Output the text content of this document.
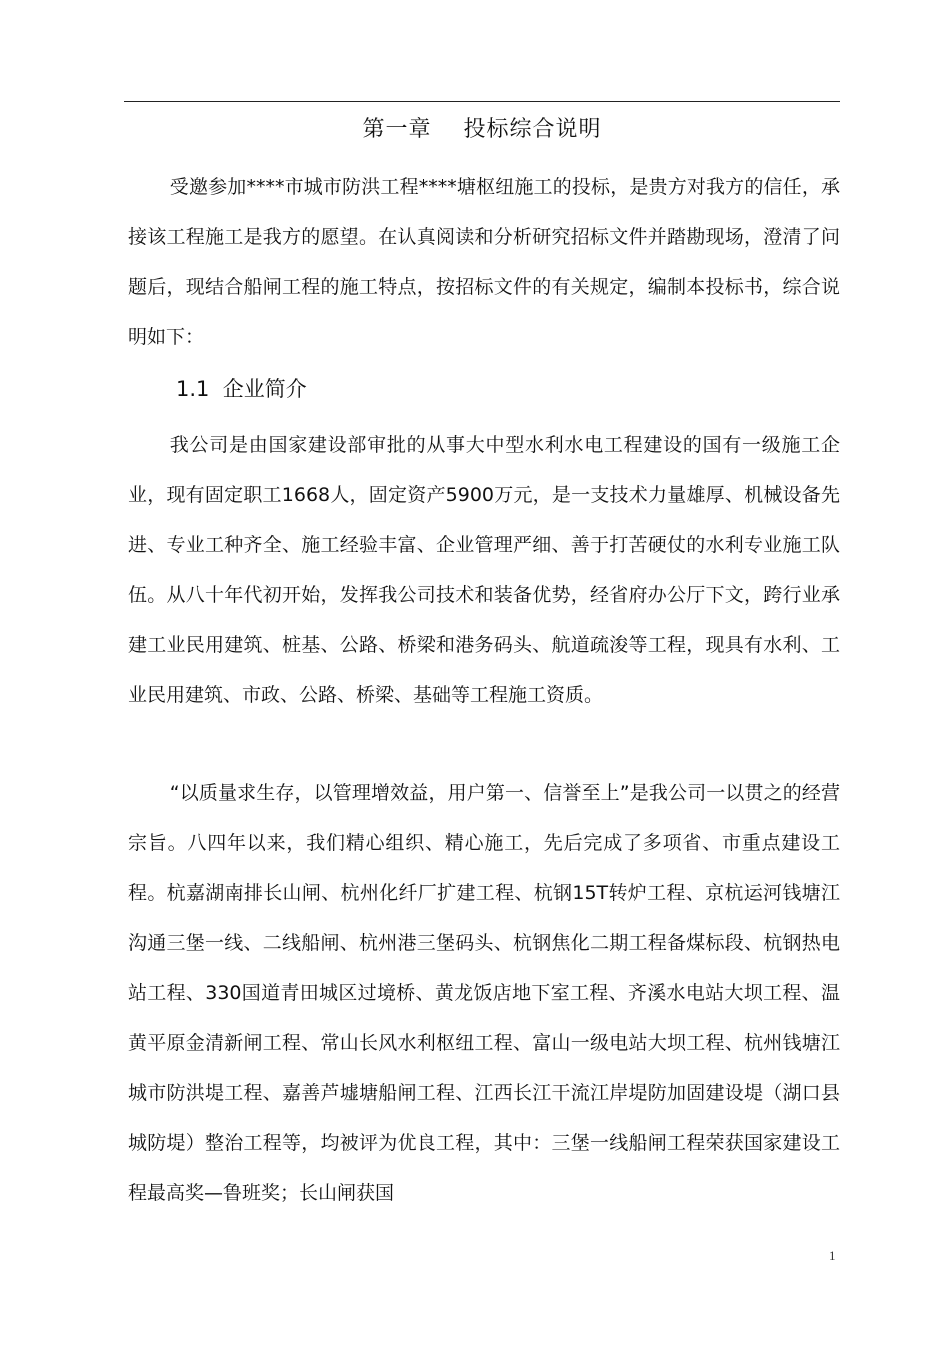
第一章    投标综合说明

受邀参加****市城市防洪工程****塘枢纽施工的投标，是贵方对我方的信任，承接该工程施工是我方的愿望。在认真阅读和分析研究招标文件并踏勘现场，澄清了问题后，现结合船闸工程的施工特点，按招标文件的有关规定，编制本投标书，综合说明如下：

1.1  企业简介

我公司是由国家建设部审批的从事大中型水利水电工程建设的国有一级施工企业，现有固定职工1668人，固定资产5900万元，是一支技术力量雄厚、机械设备先进、专业工种齐全、施工经验丰富、企业管理严细、善于打苦硬仗的水利专业施工队伍。从八十年代初开始，发挥我公司技术和装备优势，经省府办公厅下文，跨行业承建工业民用建筑、桩基、公路、桥梁和港务码头、航道疏浚等工程，现具有水利、工业民用建筑、市政、公路、桥梁、基础等工程施工资质。

“以质量求生存，以管理增效益，用户第一、信誉至上”是我公司一以贯之的经营宗旨。八四年以来，我们精心组织、精心施工，先后完成了多项省、市重点建设工程。杭嘉湖南排长山闸、杭州化纤厂扩建工程、杭钢15T转炉工程、京杭运河钱塘江沟通三堡一线、二线船闸、杭州港三堡码头、杭钢焦化二期工程备煤标段、杭钢热电站工程、330国道青田城区过境桥、黄龙饭店地下室工程、齐溪水电站大坝工程、温黄平原金清新闸工程、常山长风水利枢纽工程、富山一级电站大坝工程、杭州钱塘江城市防洪堤工程、嘉善芦墟塘船闸工程、江西长江干流江岸堤防加固建设堤（湖口县城防堤）整治工程等，均被评为优良工程，其中：三堡一线船闸工程荣获国家建设工程最高奖—鲁班奖；长山闸获国

1
